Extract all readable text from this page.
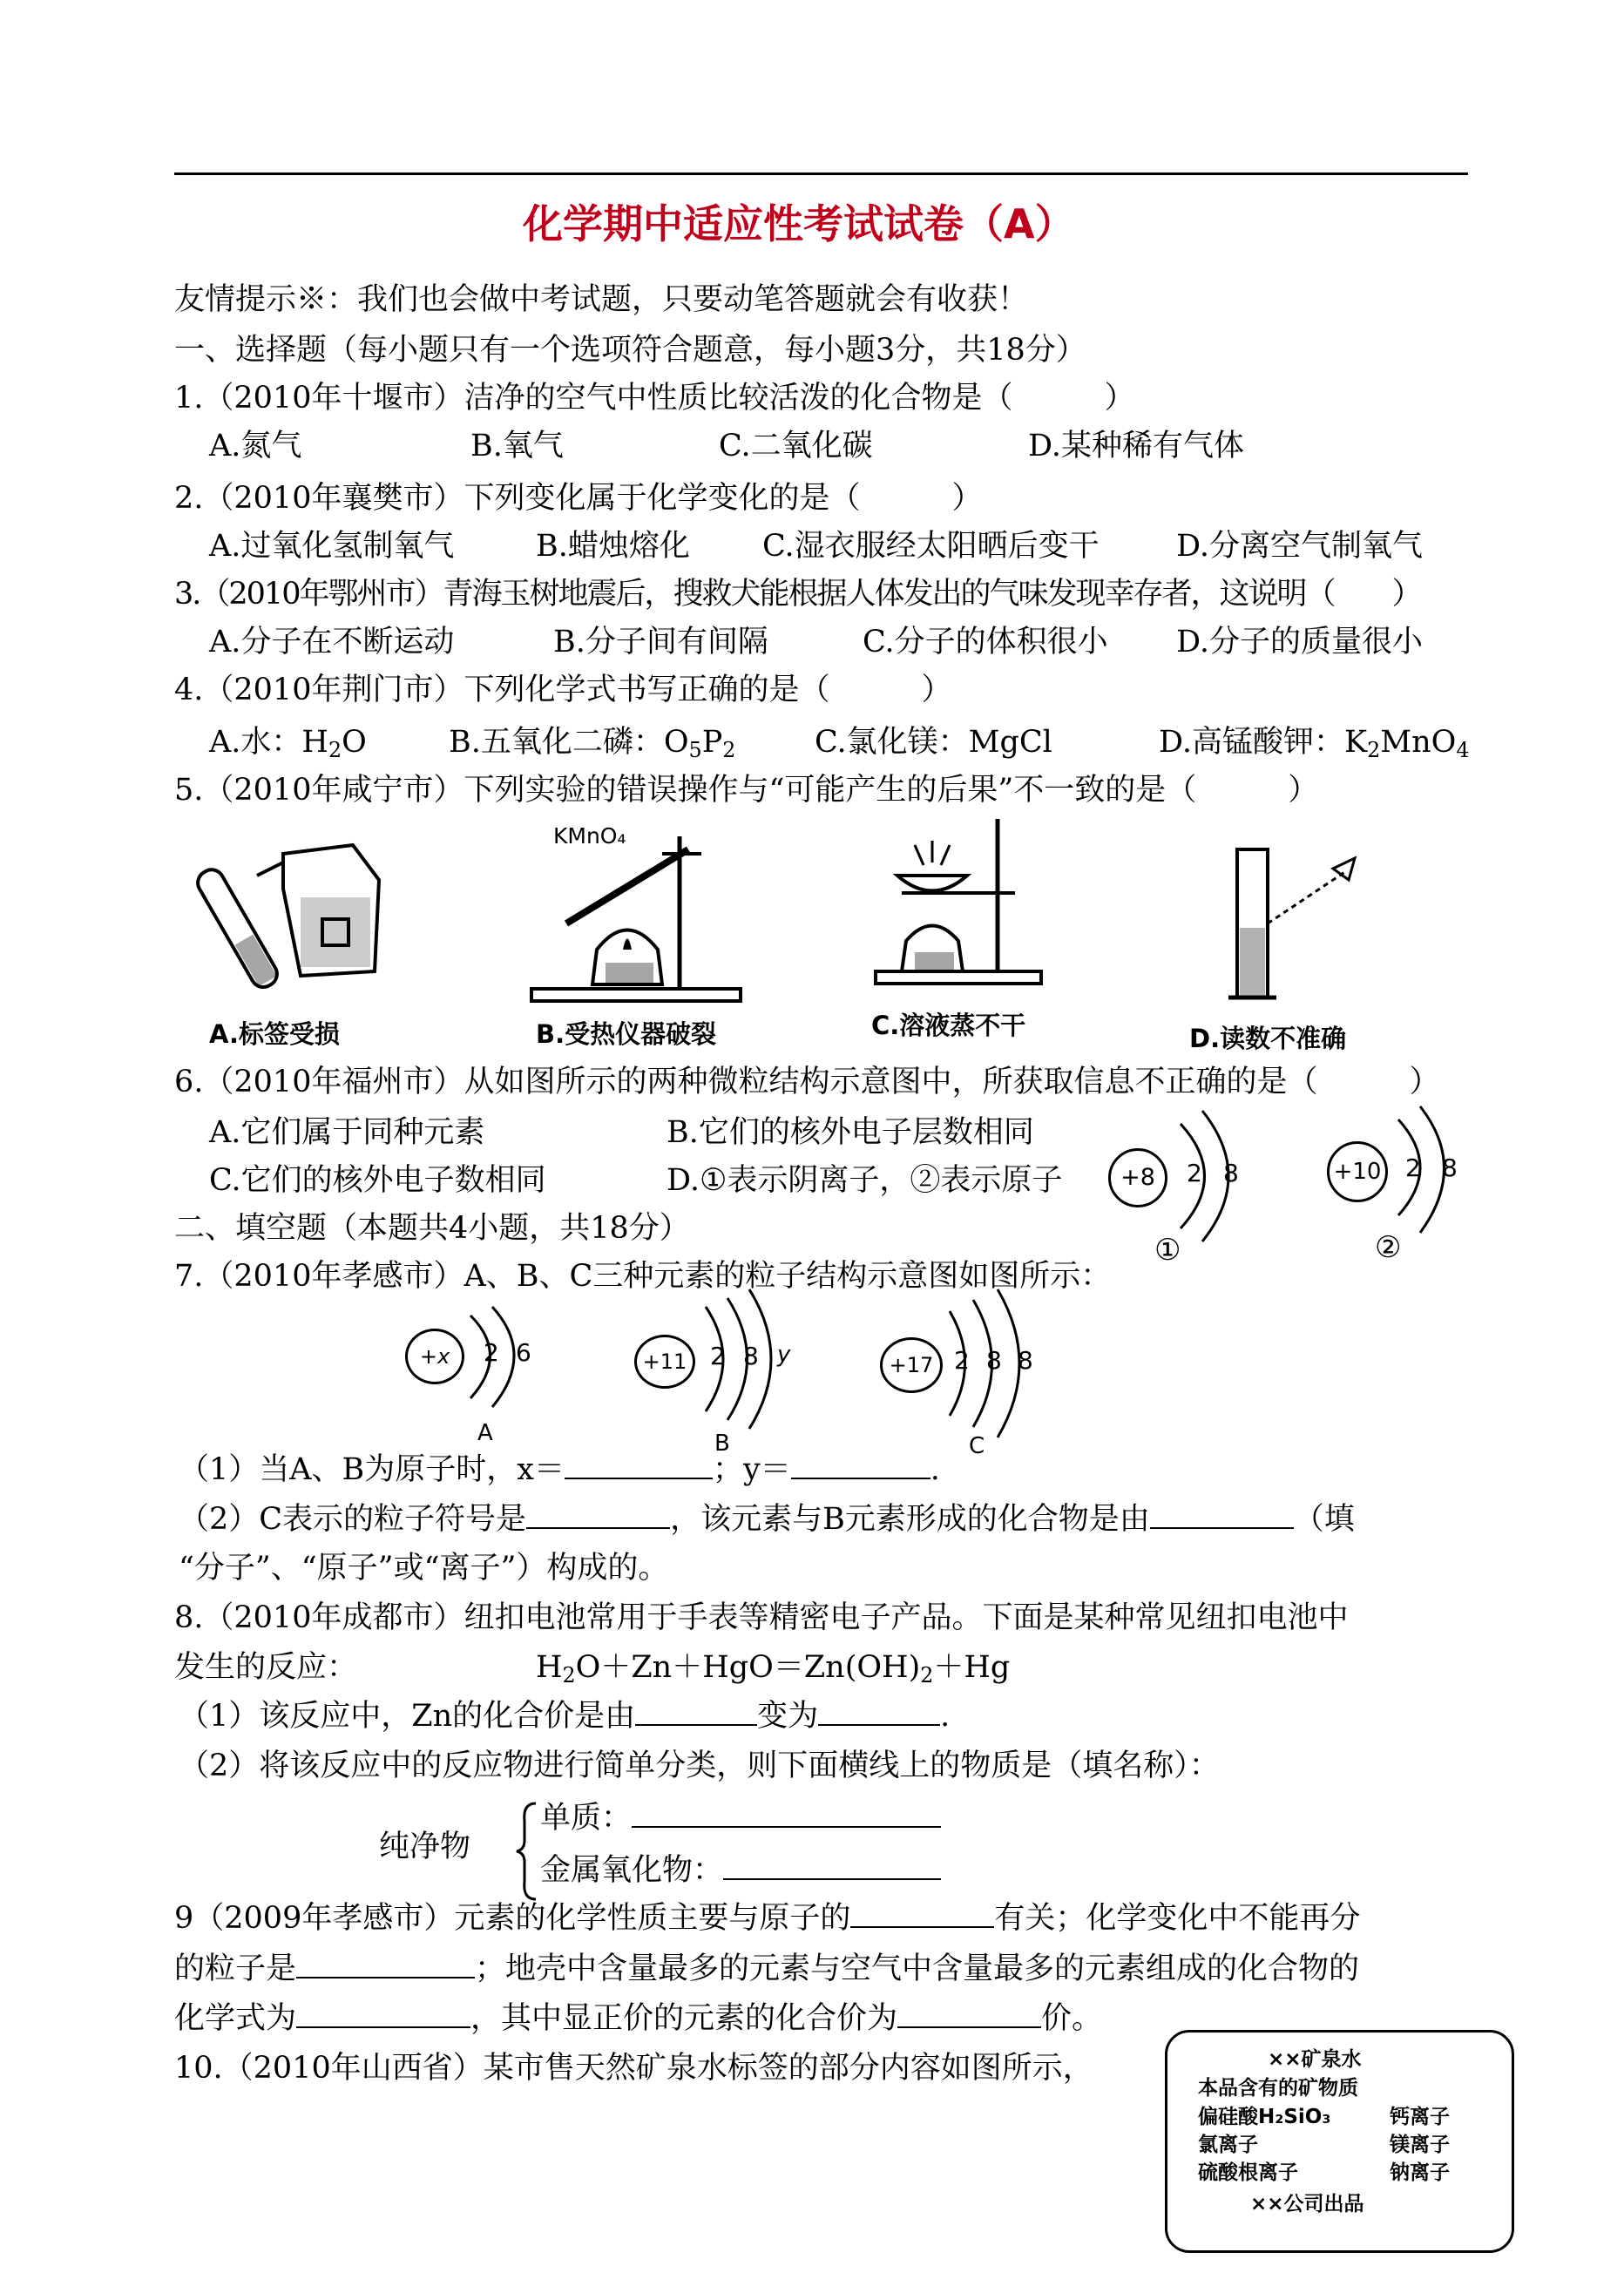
化学期中适应性考试试卷（A）
友情提示※：我们也会做中考试题，只要动笔答题就会有收获！
一、选择题（每小题只有一个选项符合题意，每小题3分，共18分）
1.（2010年十堰市）洁净的空气中性质比较活泼的化合物是（　　　）
A.氮气	B.氧气	C.二氧化碳	D.某种稀有气体
2.（2010年襄樊市）下列变化属于化学变化的是（　　　）
A.过氧化氢制氧气	B.蜡烛熔化 C.湿衣服经太阳晒后变干	D.分离空气制氧气
3.（2010年鄂州市）青海玉树地震后，搜救犬能根据人体发出的气味发现幸存者，这说明（　　）
A.分子在不断运动	B.分子间有间隔	C.分子的体积很小 D.分子的质量很小
4.（2010年荆门市）下列化学式书写正确的是（　　　）
A.水：$H_2O$	B.五氧化二磷：$O_5P_2$	C.氯化镁：MgCl	D.高锰酸钾：$K_2MnO_4$
5.（2010年咸宁市）下列实验的错误操作与“可能产生的后果”不一致的是（　　　）
A.标签受损
KMnO₄
B.受热仪器破裂	C.溶液蒸不干	D.读数不准确
6.（2010年福州市）从如图所示的两种微粒结构示意图中，所获取信息不正确的是（　　　）
A.它们属于同种元素	B.它们的核外电子层数相同
C.它们的核外电子数相同	D.①表示阴离子，②表示原子	+8	2 8
①
+10 2 8
②
二、填空题（本题共4小题，共18分）
7.（2010年孝感市）A、B、C三种元素的粒子结构示意图如图所示：
+x	2 6
A
+11 2 8 y
B
+17 2 8 8
C
（1）当A、B为原子时，x＝	；y＝	.
（2）C表示的粒子符号是	，该元素与B元素形成的化合物是由	（填
“分子”、“原子”或“离子”）构成的。
8.（2010年成都市）纽扣电池常用于手表等精密电子产品。下面是某种常见纽扣电池中
发生的反应：	$H_2O+Zn+HgO=Zn(OH)_2+Hg$
（1）该反应中，Zn的化合价是由	变为	.
（2）将该反应中的反应物进行简单分类，则下面横线上的物质是（填名称）：
纯净物
单质：
金属氧化物：
9（2009年孝感市）元素的化学性质主要与原子的	有关；化学变化中不能再分
的粒子是	；地壳中含量最多的元素与空气中含量最多的元素组成的化合物的
化学式为	，其中显正价的元素的化合价为	价。
10.（2010年山西省）某市售天然矿泉水标签的部分内容如图所示，	××矿泉水
本品含有的矿物质
偏硅酸H₂SiO₃	钙离子
氯离子	镁离子
硫酸根离子	钠离子
××公司出品
